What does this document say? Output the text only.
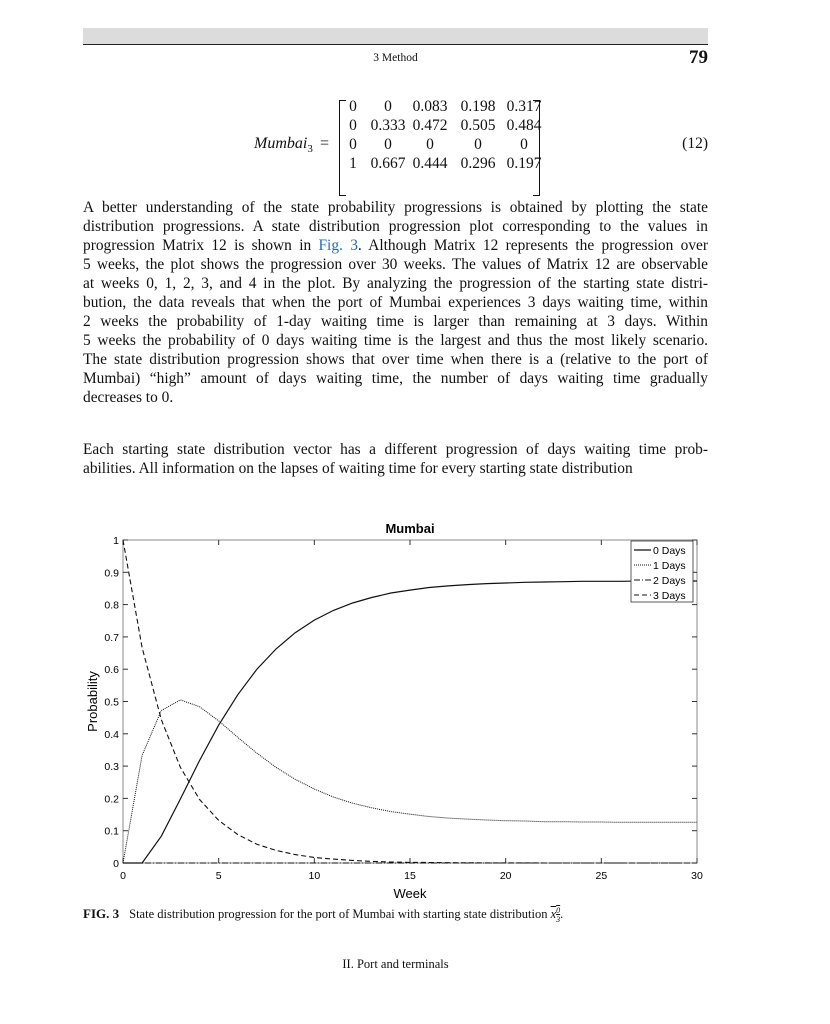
3 Method	79
Mumbai$_3$ =
0	0	0.083 0.198 0.317
0 0.333 0.472 0.505 0.484
0	0	0	0	0
1 0.667 0.444 0.296 0.197
(12)
A better understanding of the state probability progressions is obtained by plotting the state
distribution progressions. A state distribution progression plot corresponding to the values in
progression Matrix 12 is shown in Fig. 3. Although Matrix 12 represents the progression over
5 weeks, the plot shows the progression over 30 weeks. The values of Matrix 12 are observable
at weeks 0, 1, 2, 3, and 4 in the plot. By analyzing the progression of the starting state distri-
bution, the data reveals that when the port of Mumbai experiences 3 days waiting time, within
2 weeks the probability of 1-day waiting time is larger than remaining at 3 days. Within
5 weeks the probability of 0 days waiting time is the largest and thus the most likely scenario.
The state distribution progression shows that over time when there is a (relative to the port of
Mumbai) “high” amount of days waiting time, the number of days waiting time gradually
decreases to 0.
Each starting state distribution vector has a different progression of days waiting time prob-
abilities. All information on the lapses of waiting time for every starting state distribution
Mumbai
0	5	10	15	20	25	30
0
0.1
0.2
0.3
0.4
0.5
0.6
0.7
0.8
0.9
1
Week
Probability
0 Days
1 Days
2 Days
3 Days
FIG. 3 State distribution progression for the port of Mumbai with starting state distribution $x^0_3$.
II. Port and terminals
